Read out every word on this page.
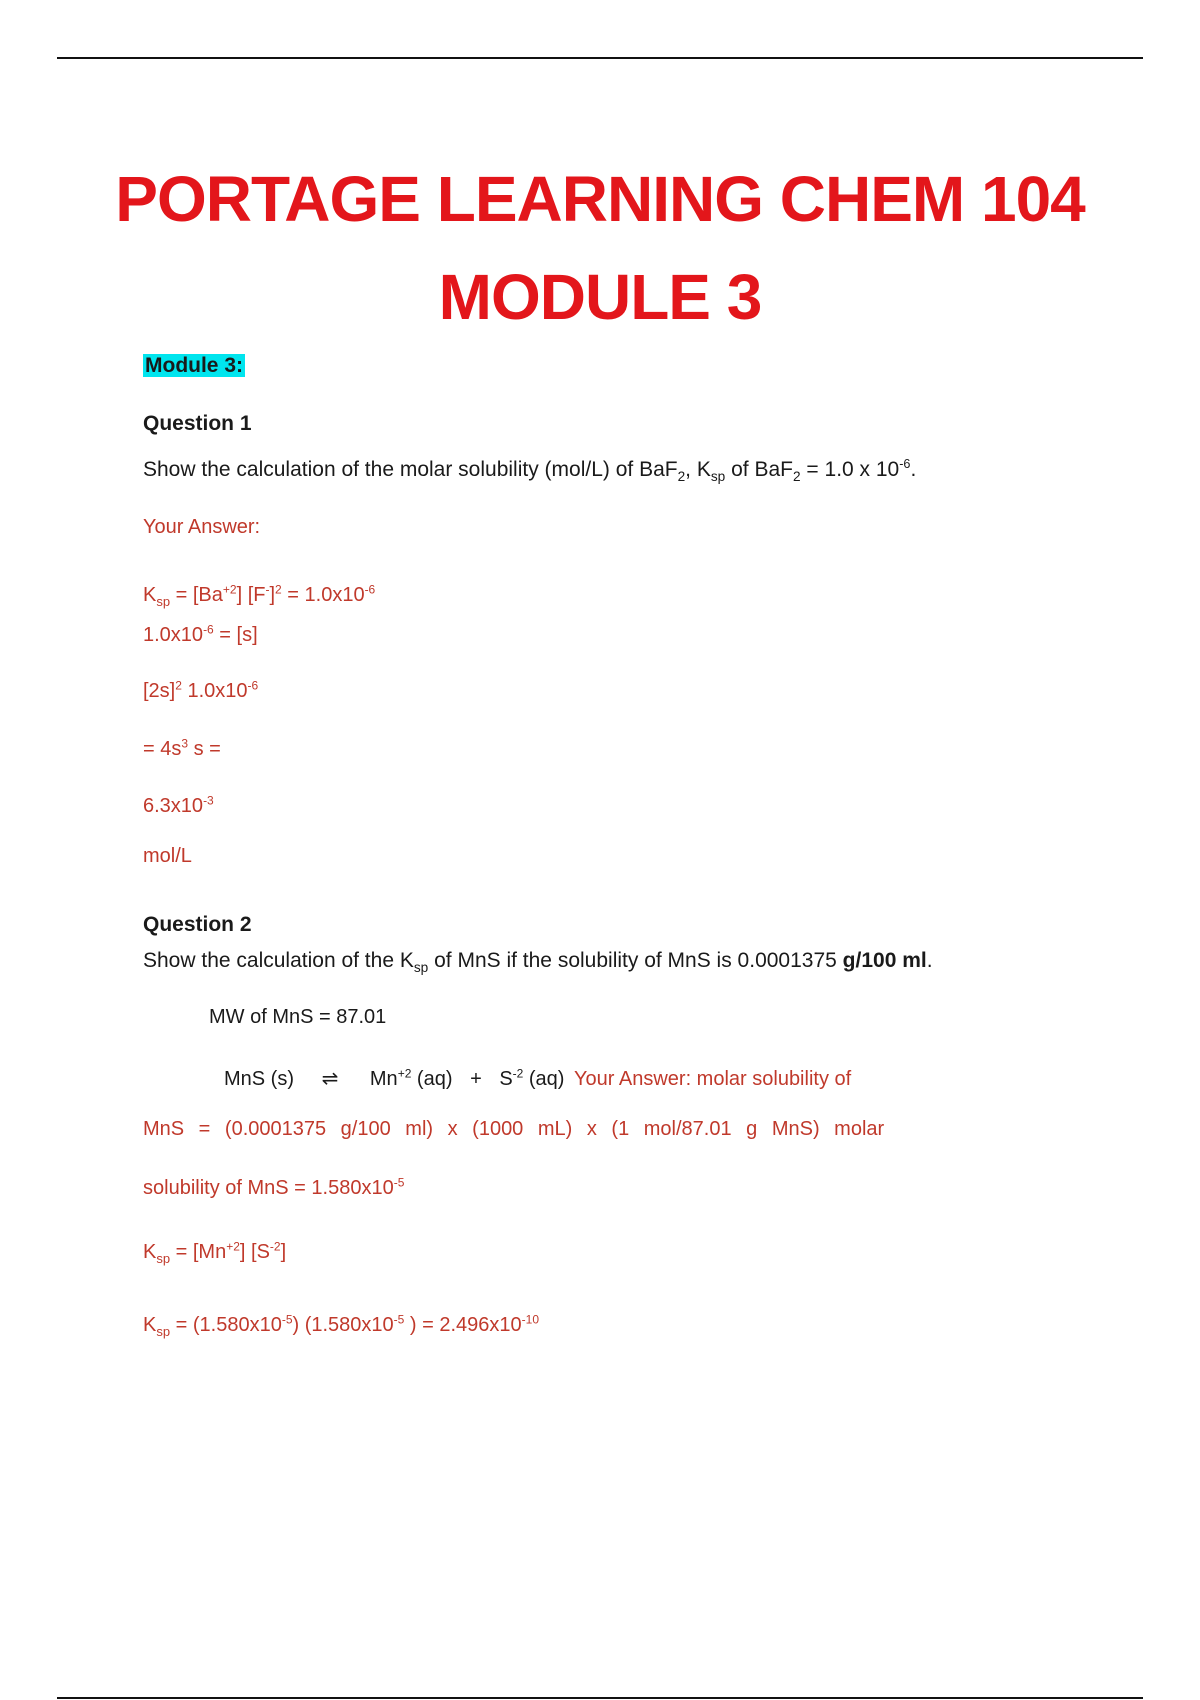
PORTAGE LEARNING CHEM 104
MODULE 3
Module 3:
Question 1
Show the calculation of the molar solubility (mol/L) of BaF$_2$, $K_{sp}$ of BaF$_2$ = 1.0 x $10^{-6}$.
Your Answer:
$K_{sp} = [Ba^{+2}] [F^-]^2 = 1.0x10^{-6}$
$1.0x10^{-6} = [s]$
$[2s]^2$ $1.0x10^{-6}$
= $4s^3$ s =
$6.3x10^{-3}$
mol/L
Question 2
Show the calculation of the $K_{sp}$ of MnS if the solubility of MnS is 0.0001375 g/100 ml.
MW of MnS = 87.01
MnS (s) ⇌ $Mn^{+2}$ $(aq) + S^{-2}$ (aq) Your Answer: molar solubility of
MnS = (0.0001375 g/100 ml) x (1000 mL) x (1 mol/87.01 g MnS) molar
solubility of MnS = $1.580x10^{-5}$
$K_{sp} = [Mn^{+2}]$ $[S^{-2}]$
$K_{sp} = (1.580x10^{-5})$ ($1.580x10^{-5}$ ) = $2.496x10^{-10}$
